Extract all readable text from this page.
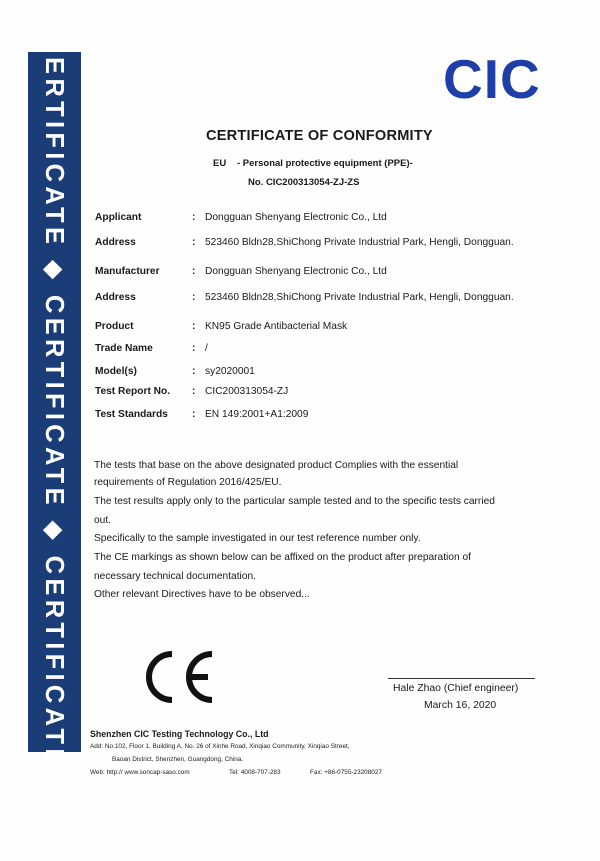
CERTIFICATE ◆ CERTIFICATE ◆ CERTIFICATE	CIC
CERTIFICATE OF CONFORMITY
EU - Personal protective equipment (PPE)-
No. CIC200313054-ZJ-ZS
Applicant	: Dongguan Shenyang Electronic Co., Ltd
Address	: 523460 Bldn28,ShiChong Private Industrial Park, Hengli, Dongguan.
Manufacturer	: Dongguan Shenyang Electronic Co., Ltd
Address	: 523460 Bldn28,ShiChong Private Industrial Park, Hengli, Dongguan.
Product	: KN95 Grade Antibacterial Mask
Trade Name	: /
Model(s)	: sy2020001
Test Report No.	: CIC200313054-ZJ
Test Standards	: EN 149:2001+A1:2009
The tests that base on the above designated product Complies with the essential
requirements of Regulation 2016/425/EU.
The test results apply only to the particular sample tested and to the specific tests carried
out.
Specifically to the sample investigated in our test reference number only.
The CE markings as shown below can be affixed on the product after preparation of
necessary technical documentation.
Other relevant Directives have to be observed...
Hale Zhao (Chief engineer)
March 16, 2020
Shenzhen CIC Testing Technology Co., Ltd
Add: No.102, Floor 1, Building A, No. 26 of Xinhe Road, Xinqiao Community, Xinqiao Street,
Baoan District, Shenzhen, Guangdong, China.
Web: http:// www.soncap-saso.com	Tel: 4008-707-283	Fax: +86-0755-23208027
